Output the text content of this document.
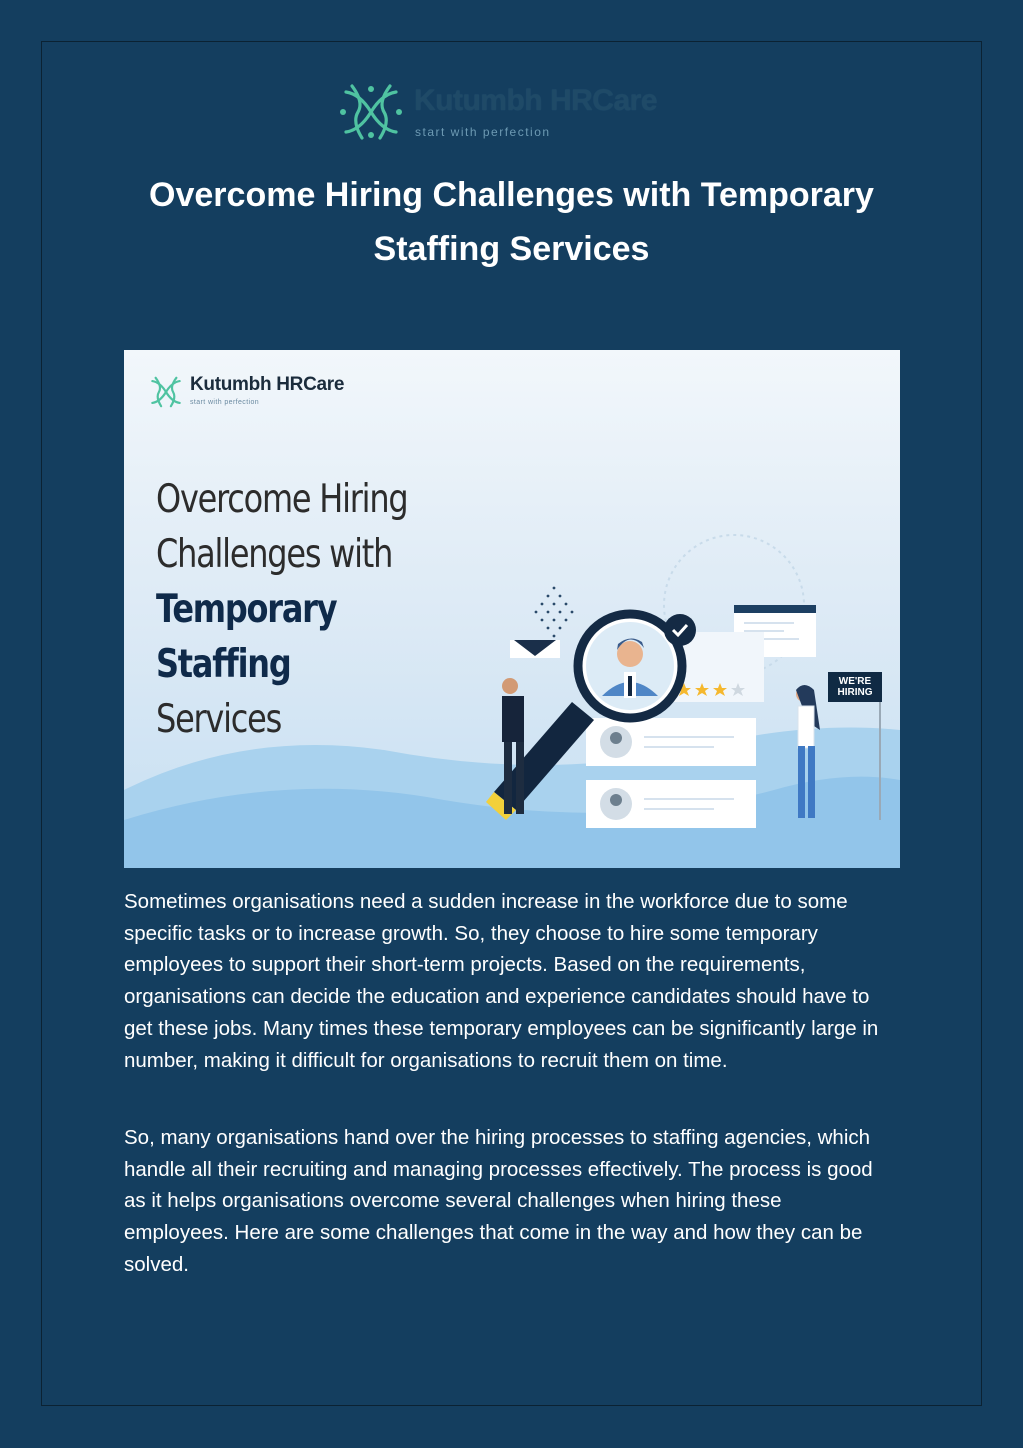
Kutumbh HRCare
start with perfection
Overcome Hiring Challenges with Temporary Staffing Services
Kutumbh HRCare
start with perfection
Overcome Hiring
Challenges with
Temporary Staffing
Services
WE'RE HIRING

Sometimes organisations need a sudden increase in the workforce due to some specific tasks or to increase growth. So, they choose to hire some temporary employees to support their short-term projects. Based on the requirements, organisations can decide the education and experience candidates should have to get these jobs. Many times these temporary employees can be significantly large in number, making it difficult for organisations to recruit them on time.

So, many organisations hand over the hiring processes to staffing agencies, which handle all their recruiting and managing processes effectively. The process is good as it helps organisations overcome several challenges when hiring these employees. Here are some challenges that come in the way and how they can be solved.
